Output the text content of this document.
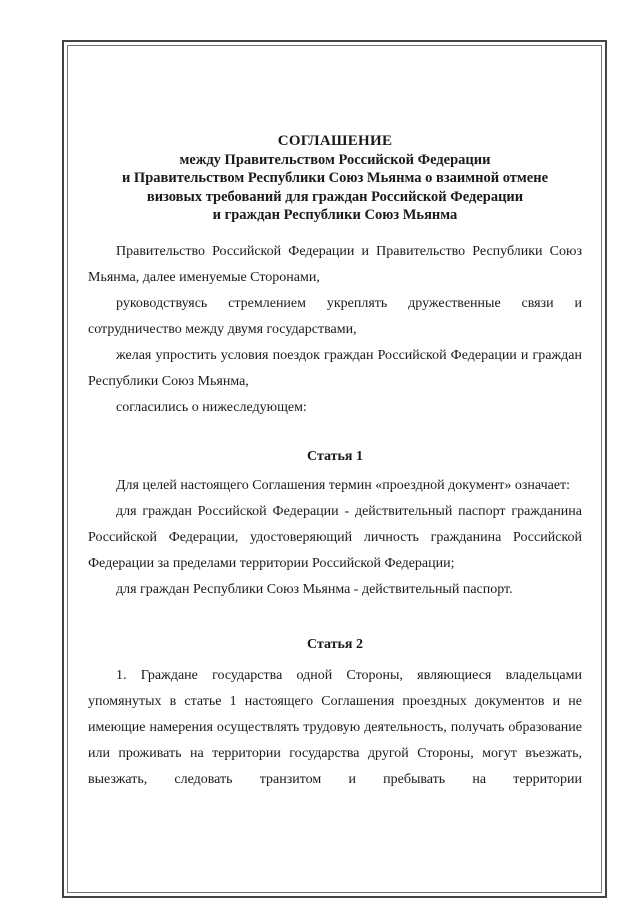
СОГЛАШЕНИЕ
между Правительством Российской Федерации
и Правительством Республики Союз Мьянма о взаимной отмене
визовых требований для граждан Российской Федерации
и граждан Республики Союз Мьянма

Правительство Российской Федерации и Правительство Республики Союз Мьянма, далее именуемые Сторонами,

руководствуясь стремлением укреплять дружественные связи и сотрудничество между двумя государствами,

желая упростить условия поездок граждан Российской Федерации и граждан Республики Союз Мьянма,

согласились о нижеследующем:

Статья 1

Для целей настоящего Соглашения термин «проездной документ» означает:

для граждан Российской Федерации - действительный паспорт гражданина Российской Федерации, удостоверяющий личность гражданина Российской Федерации за пределами территории Российской Федерации;

для граждан Республики Союз Мьянма - действительный паспорт.

Статья 2

1. Граждане государства одной Стороны, являющиеся владельцами упомянутых в статье 1 настоящего Соглашения проездных документов и не имеющие намерения осуществлять трудовую деятельность, получать образование или проживать на территории государства другой Стороны, могут въезжать, выезжать, следовать транзитом и пребывать на территории
